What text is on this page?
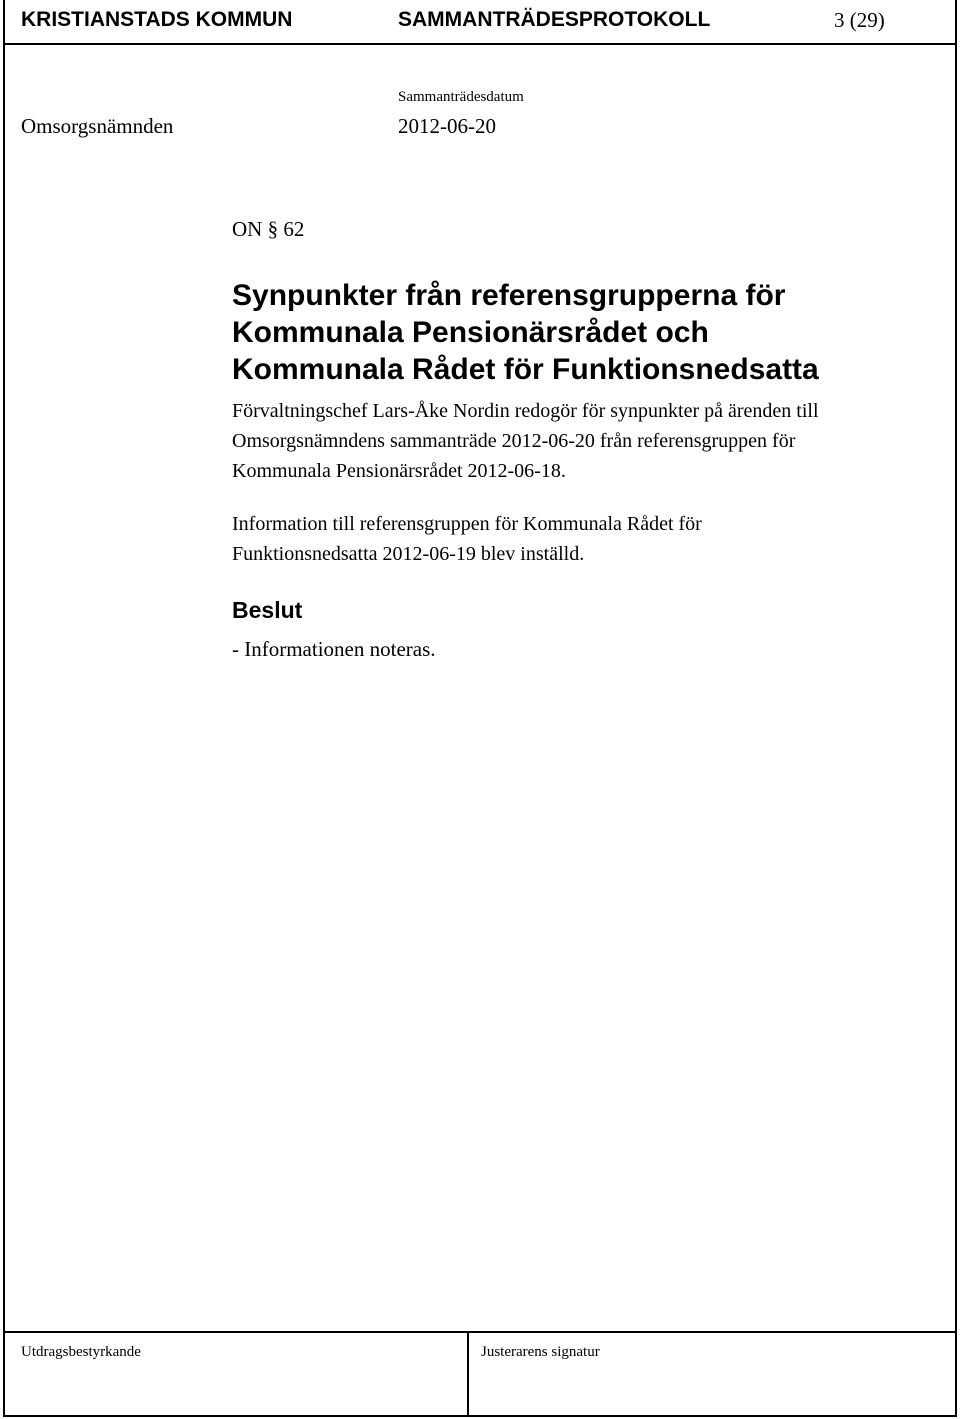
KRISTIANSTADS KOMMUN	SAMMANTRÄDESPROTOKOLL	3 (29)
Sammanträdesdatum
Omsorgsnämnden	2012-06-20
ON § 62
Synpunkter från referensgrupperna för
Kommunala Pensionärsrådet och
Kommunala Rådet för Funktionsnedsatta
Förvaltningschef Lars-Åke Nordin redogör för synpunkter på ärenden till
Omsorgsnämndens sammanträde 2012-06-20 från referensgruppen för
Kommunala Pensionärsrådet 2012-06-18.
Information till referensgruppen för Kommunala Rådet för
Funktionsnedsatta 2012-06-19 blev inställd.
Beslut
- Informationen noteras.
Utdragsbestyrkande	Justerarens signatur
